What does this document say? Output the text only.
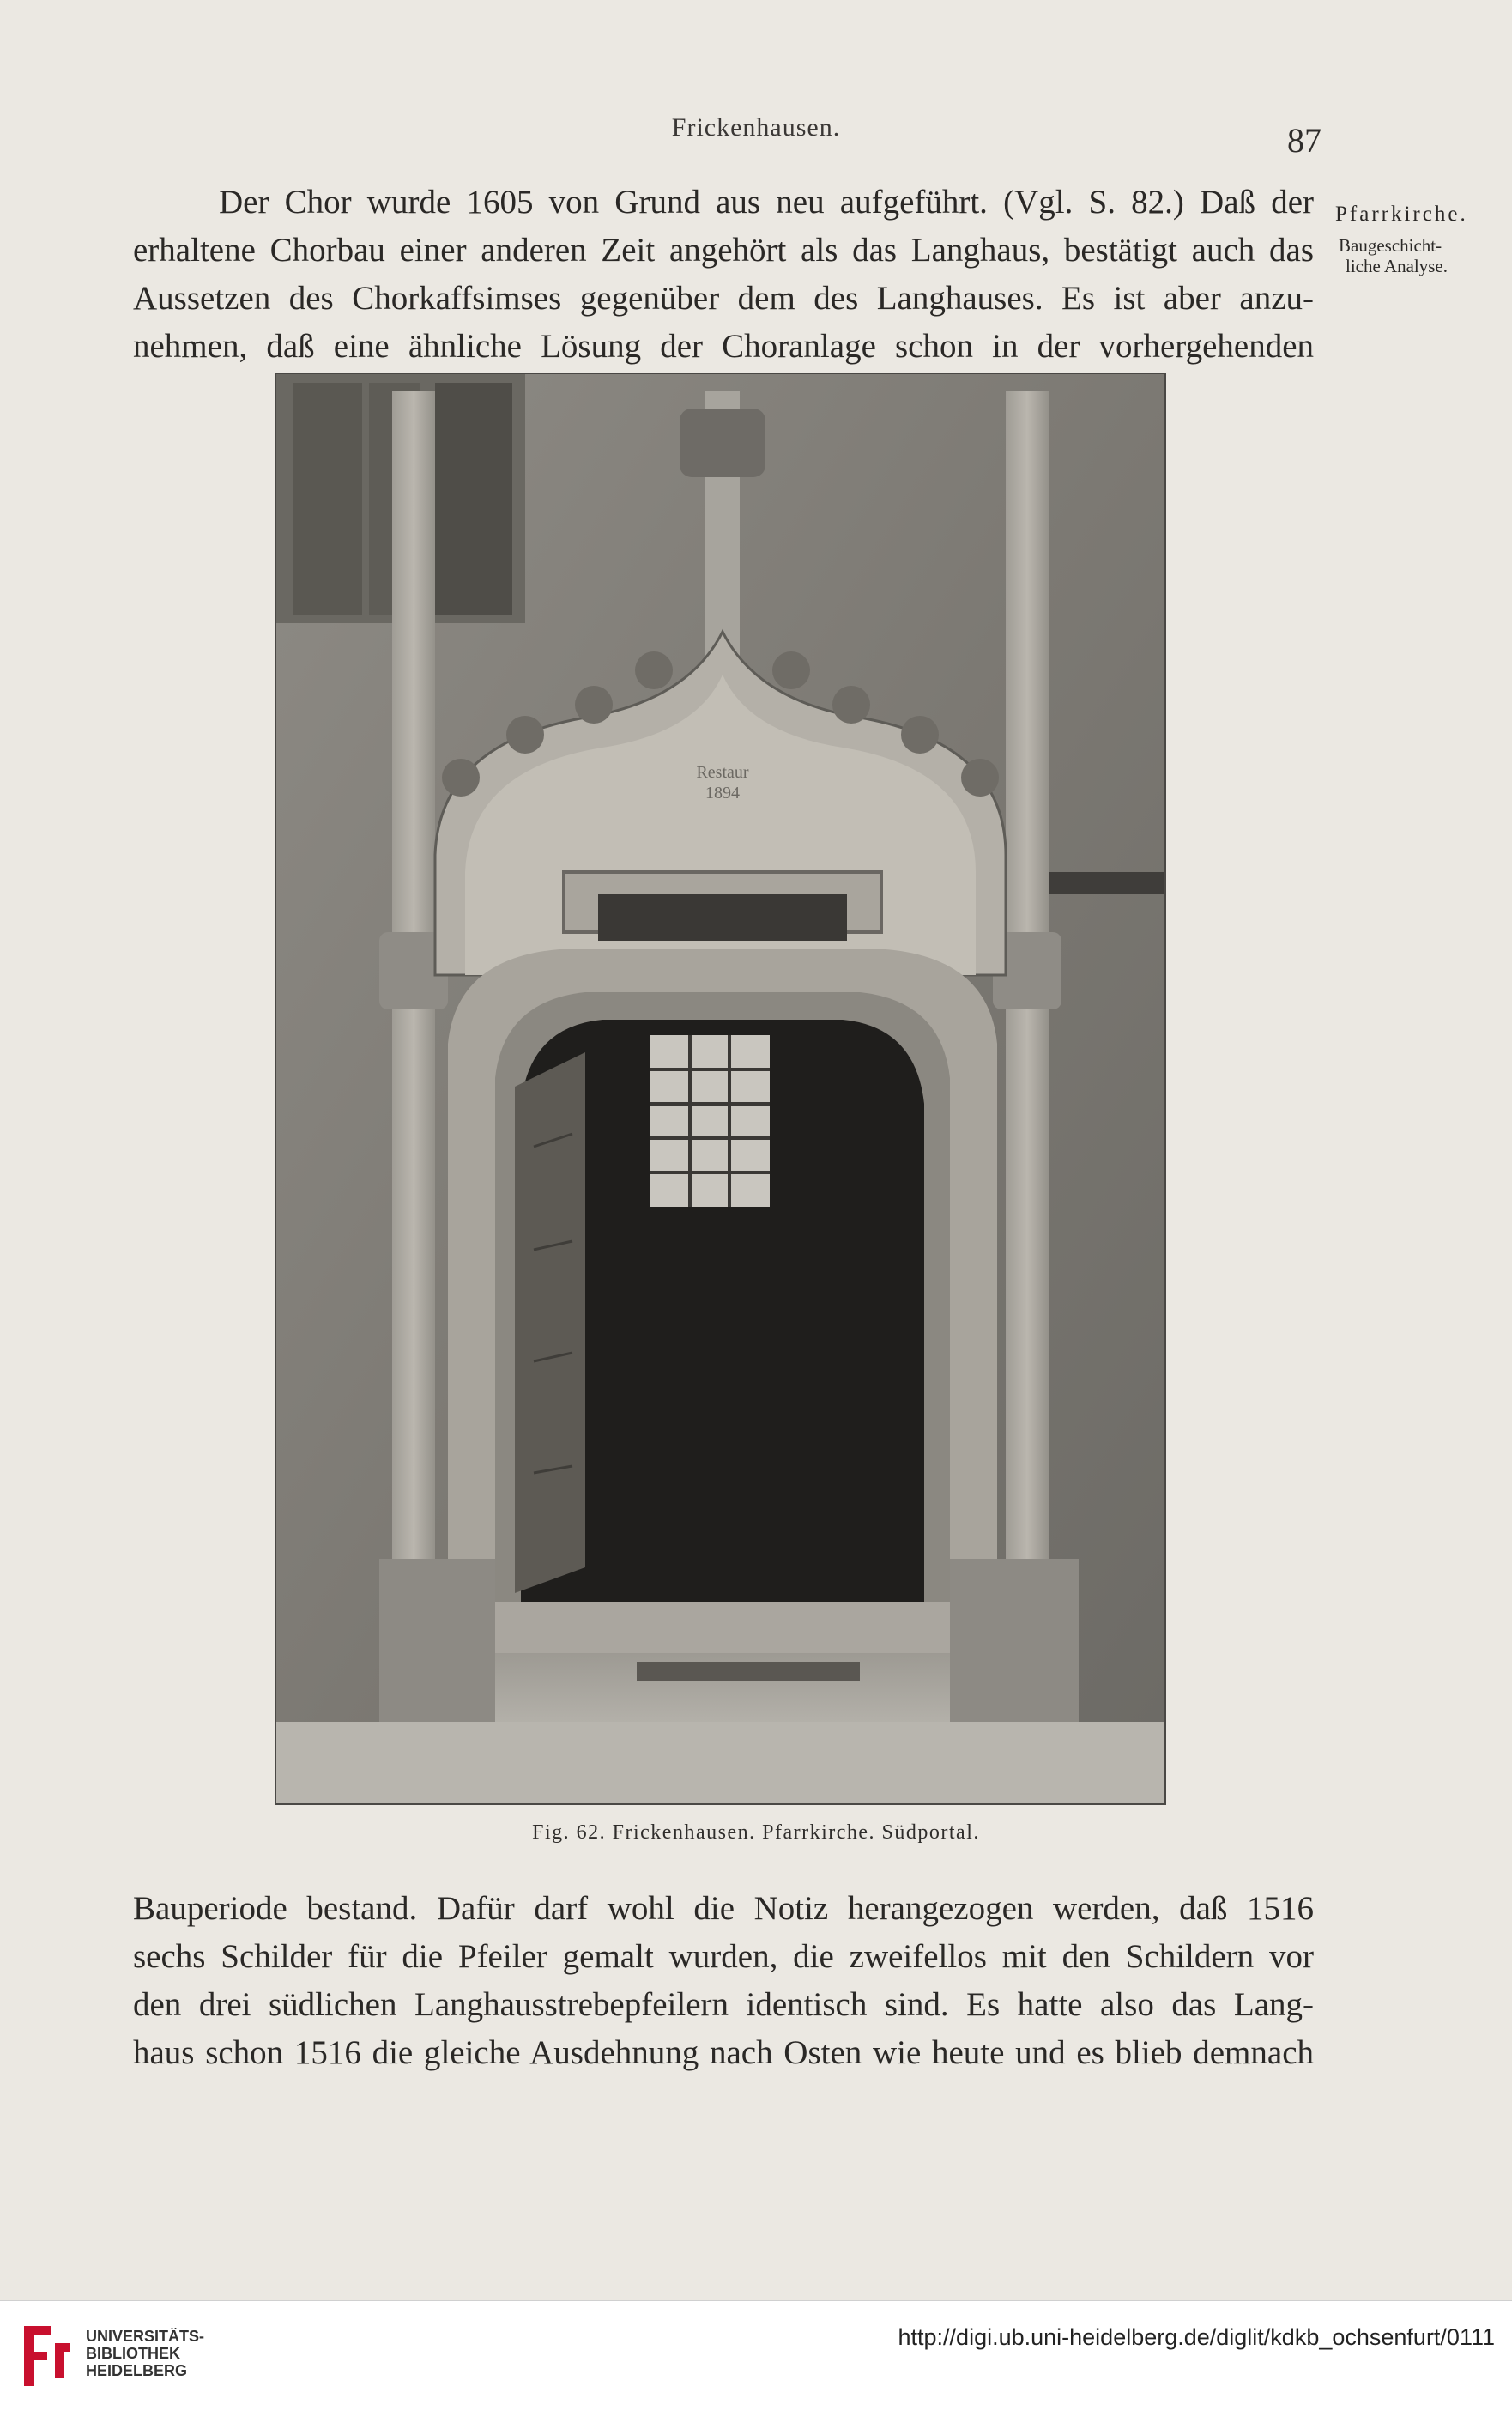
Frickenhausen.	87
Der Chor wurde 1605 von Grund aus neu aufgeführt. (Vgl. S. 82.) Daß der
erhaltene Chorbau einer anderen Zeit angehört als das Langhaus, bestätigt auch das
Aussetzen des Chorkaffsimses gegenüber dem des Langhauses. Es ist aber anzu-
nehmen, daß eine ähnliche Lösung der Choranlage schon in der vorhergehenden
Pfarrkirche.
Baugeschicht-
liche Analyse.
Restaur
1894
Fig. 62. Frickenhausen. Pfarrkirche. Südportal.
Bauperiode bestand. Dafür darf wohl die Notiz herangezogen werden, daß 1516
sechs Schilder für die Pfeiler gemalt wurden, die zweifellos mit den Schildern vor
den drei südlichen Langhausstrebepfeilern identisch sind. Es hatte also das Lang-
haus schon 1516 die gleiche Ausdehnung nach Osten wie heute und es blieb demnach
UNIVERSITÄTS-
BIBLIOTHEK
HEIDELBERG
http://digi.ub.uni-heidelberg.de/diglit/kdkb_ochsenfurt/0111
